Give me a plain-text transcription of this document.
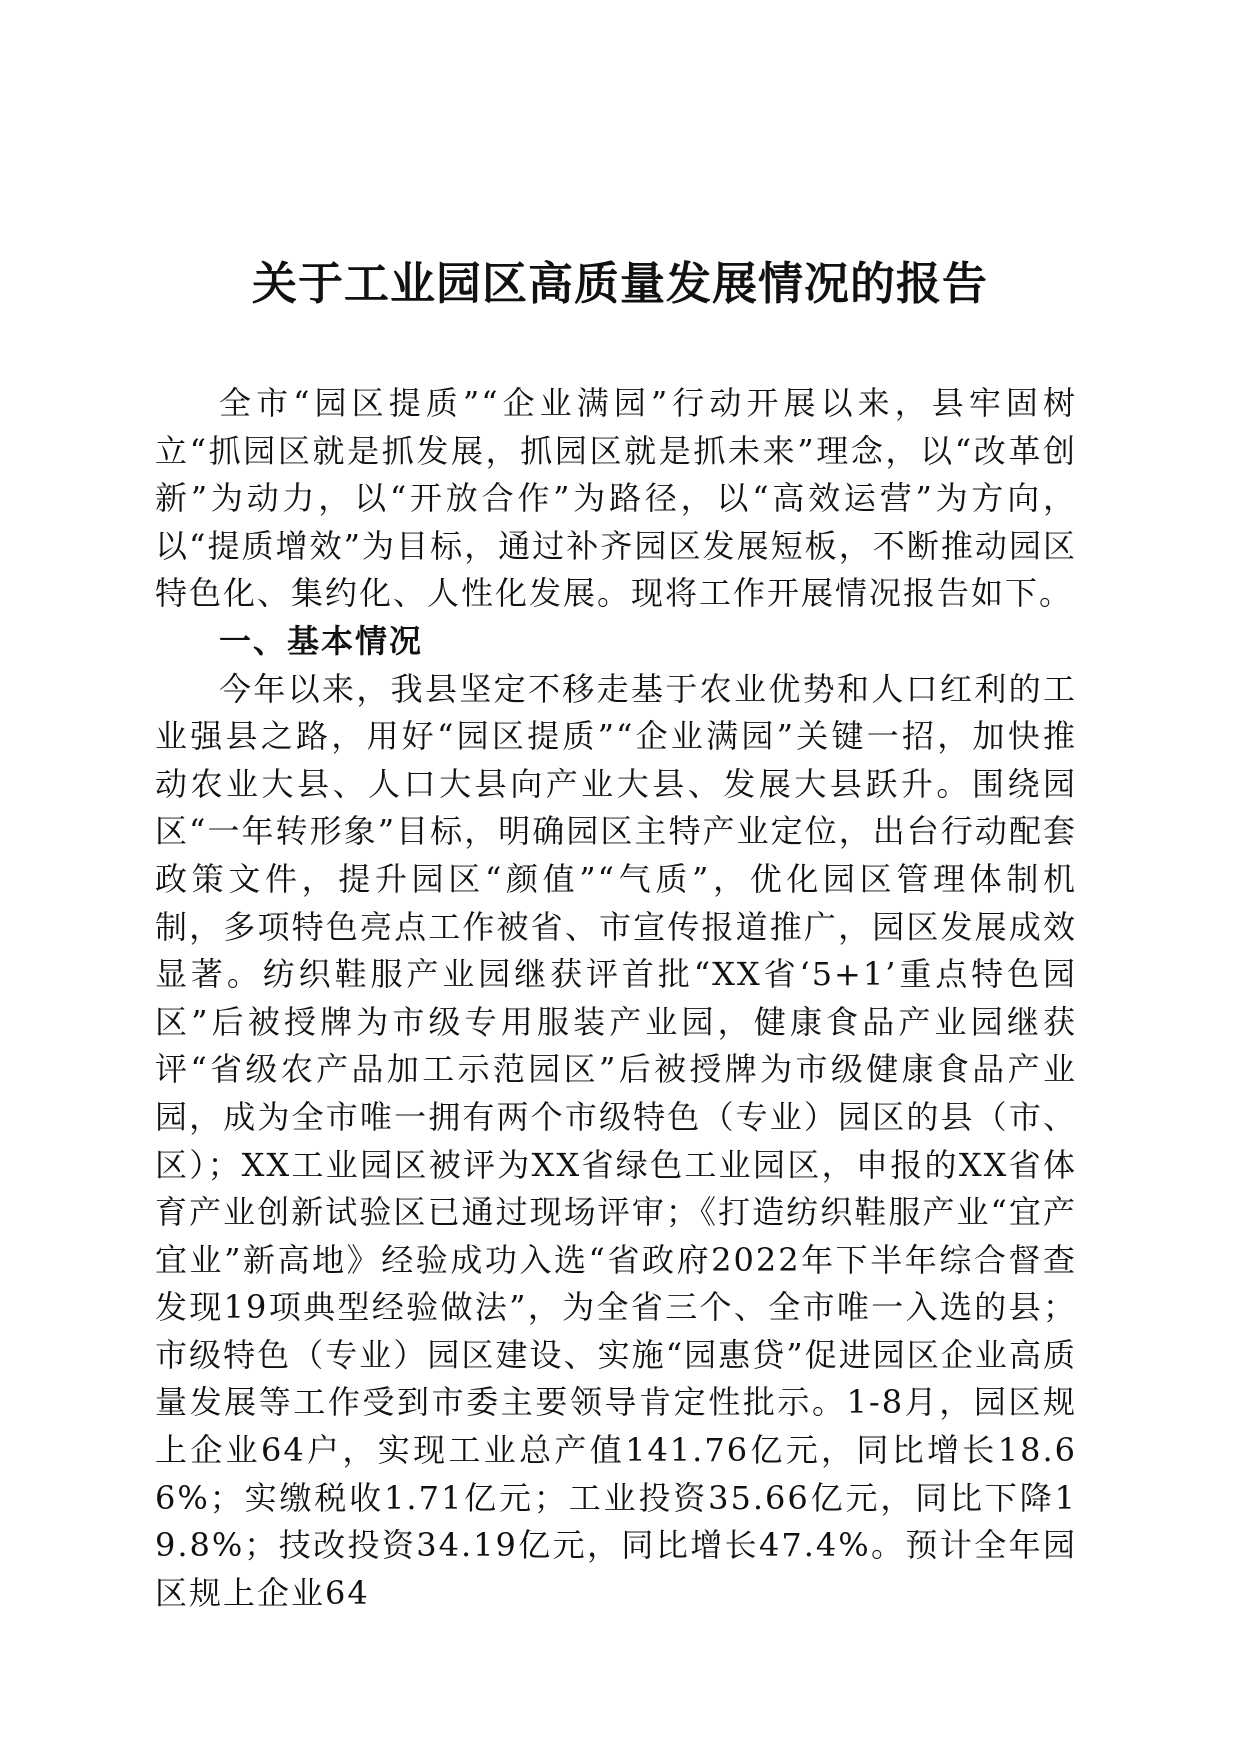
关于工业园区高质量发展情况的报告

全市“园区提质”“企业满园”行动开展以来，县牢固树立“抓园区就是抓发展，抓园区就是抓未来”理念，以“改革创新”为动力，以“开放合作”为路径，以“高效运营”为方向，以“提质增效”为目标，通过补齐园区发展短板，不断推动园区特色化、集约化、人性化发展。现将工作开展情况报告如下。

一、基本情况

今年以来，我县坚定不移走基于农业优势和人口红利的工业强县之路，用好“园区提质”“企业满园”关键一招，加快推动农业大县、人口大县向产业大县、发展大县跃升。围绕园区“一年转形象”目标，明确园区主特产业定位，出台行动配套政策文件，提升园区“颜值”“气质”，优化园区管理体制机制，多项特色亮点工作被省、市宣传报道推广，园区发展成效显著。纺织鞋服产业园继获评首批“XX省‘5+1’重点特色园区”后被授牌为市级专用服装产业园，健康食品产业园继获评“省级农产品加工示范园区”后被授牌为市级健康食品产业园，成为全市唯一拥有两个市级特色（专业）园区的县（市、区）；XX工业园区被评为XX省绿色工业园区，申报的XX省体育产业创新试验区已通过现场评审；《打造纺织鞋服产业“宜产宜业”新高地》经验成功入选“省政府2022年下半年综合督查发现19项典型经验做法”，为全省三个、全市唯一入选的县；市级特色（专业）园区建设、实施“园惠贷”促进园区企业高质量发展等工作受到市委主要领导肯定性批示。1-8月，园区规上企业64户，实现工业总产值141.76亿元，同比增长18.66%；实缴税收1.71亿元；工业投资35.66亿元，同比下降19.8%；技改投资34.19亿元，同比增长47.4%。预计全年园区规上企业64
